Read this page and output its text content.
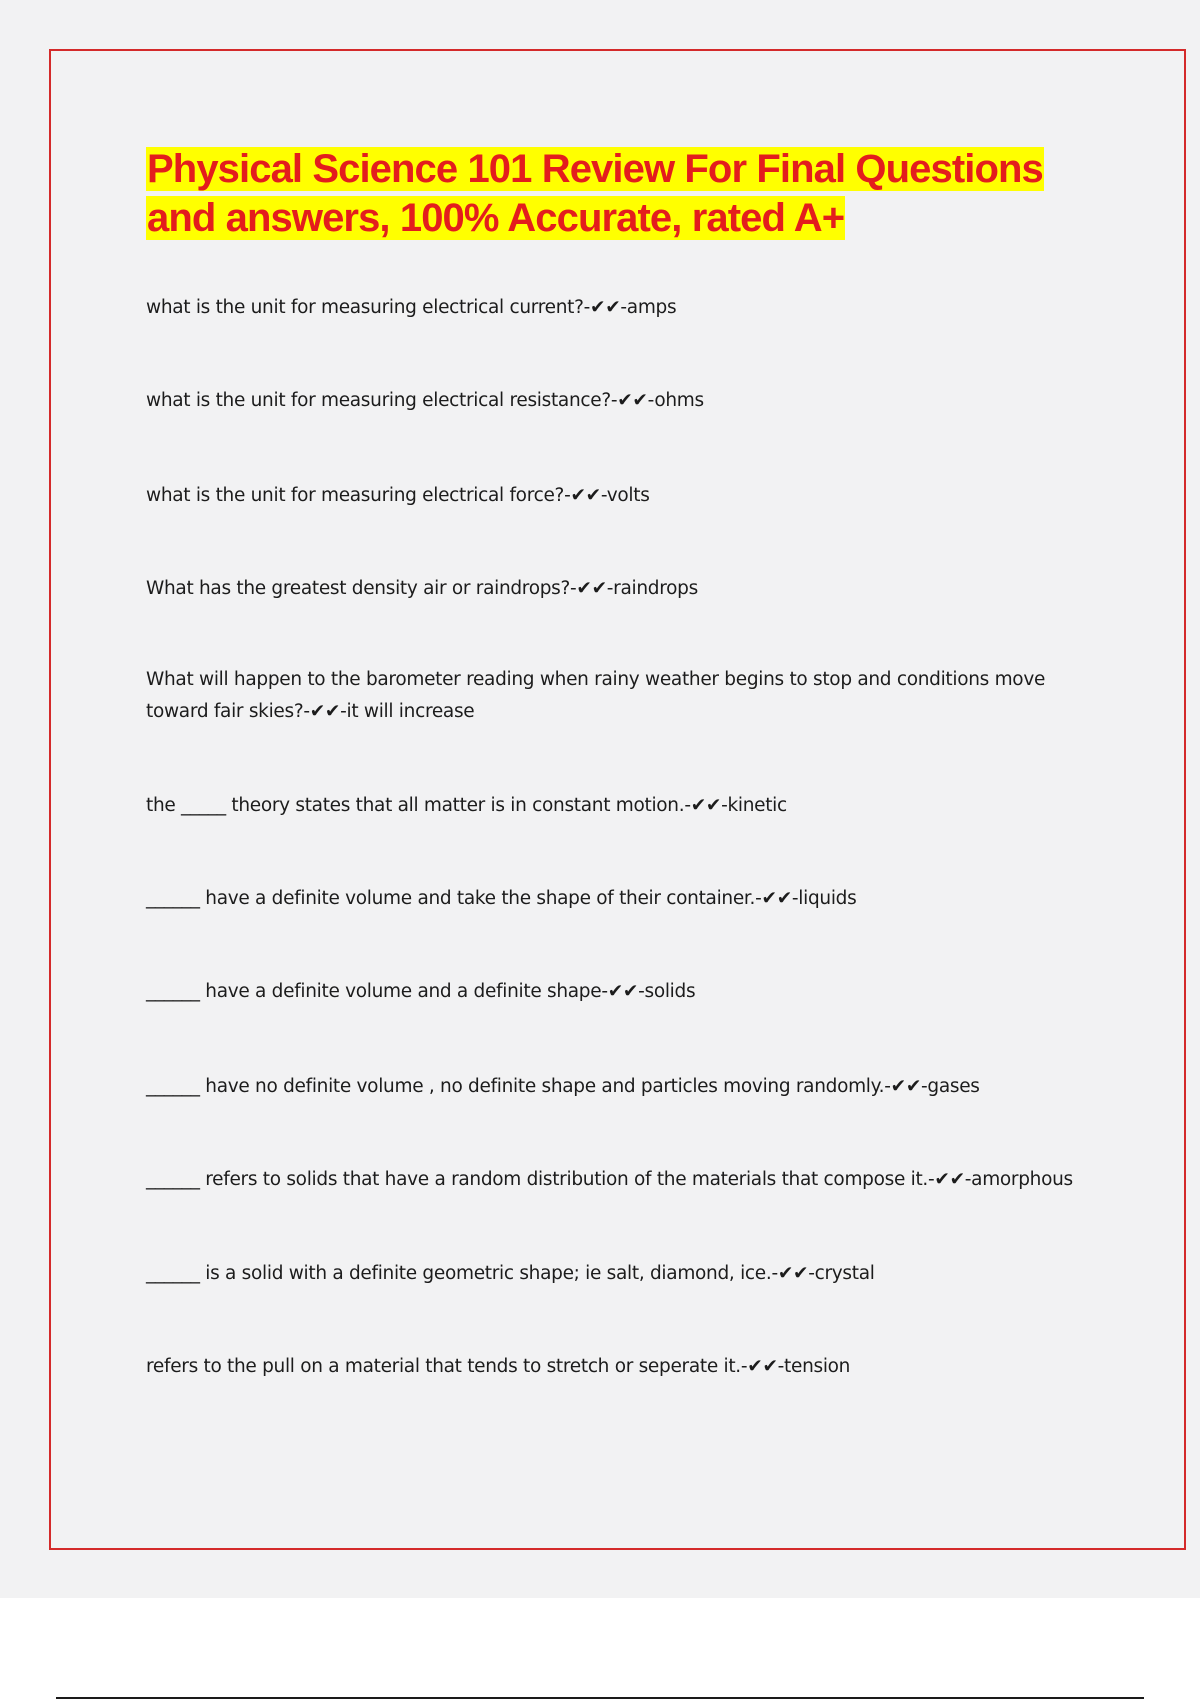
Physical Science 101 Review For Final Questions and answers, 100% Accurate, rated A+

what is the unit for measuring electrical current?-✔✔-amps

what is the unit for measuring electrical resistance?-✔✔-ohms

what is the unit for measuring electrical force?-✔✔-volts

What has the greatest density air or raindrops?-✔✔-raindrops

What will happen to the barometer reading when rainy weather begins to stop and conditions move toward fair skies?-✔✔-it will increase

the _____ theory states that all matter is in constant motion.-✔✔-kinetic

______ have a definite volume and take the shape of their container.-✔✔-liquids

______ have a definite volume and a definite shape-✔✔-solids

______ have no definite volume , no definite shape and particles moving randomly.-✔✔-gases

______ refers to solids that have a random distribution of the materials that compose it.-✔✔-amorphous

______ is a solid with a definite geometric shape; ie salt, diamond, ice.-✔✔-crystal

refers to the pull on a material that tends to stretch or seperate it.-✔✔-tension
